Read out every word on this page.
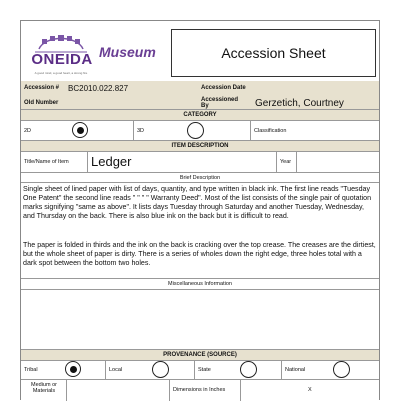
ONEIDA
A good mind, a good heart, a strong fire
Museum	Accession Sheet
Accession # BC2010.022.827	Accession Date
Old Number	Accessioned By	Gerzetich, Courtney
CATEGORY
2D	3D	Classification
ITEM DESCRIPTION
Title/Name of Item Ledger	Year
Brief Description
Single sheet of lined paper with list of days, quantity, and type written in black ink. The first line reads "Tuesday One Patent" the second line reads " " " " Warranty Deed". Most of the list consists of the single pair of quotation marks signifying "same as above". It lists days Tuesday through Saturday and another Tuesday, Wednesday, and Thursday on the back. There is also blue ink on the back but it is difficult to read.
The paper is folded in thirds and the ink on the back is cracking over the top crease. The creases are the dirtiest, but the whole sheet of paper is dirty. There is a series of wholes down the right edge, three holes total with a dark spot between the bottom two holes.
Miscellaneous Information
PROVENANCE (SOURCE)
Tribal	Local	State	National
Medium or Materials	Dimensions in Inches	X
